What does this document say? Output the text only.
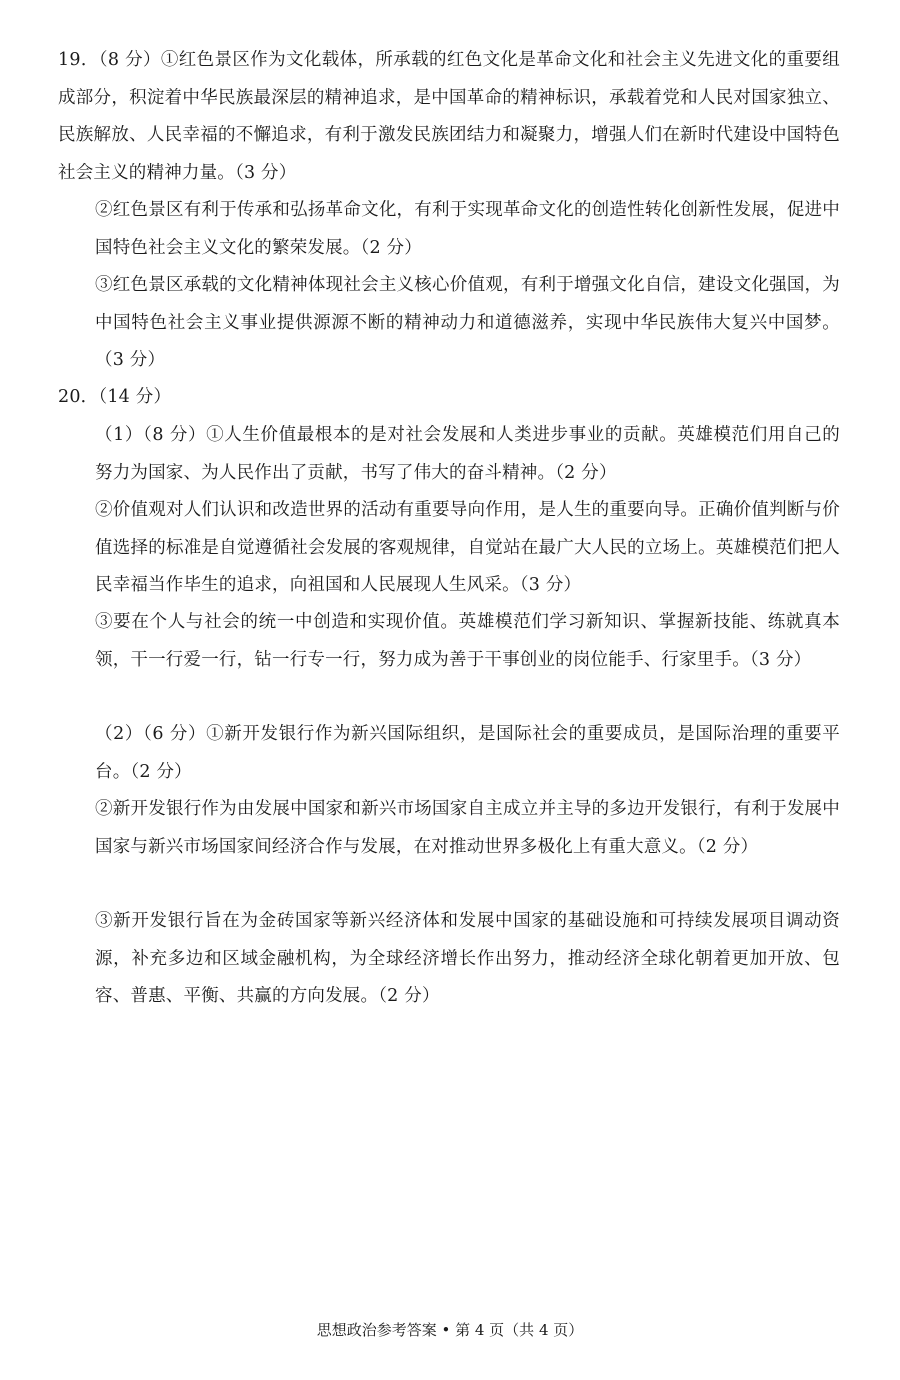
19．（8 分）①红色景区作为文化载体，所承载的红色文化是革命文化和社会主义先进文化的重要组成部分，积淀着中华民族最深层的精神追求，是中国革命的精神标识，承载着党和人民对国家独立、民族解放、人民幸福的不懈追求，有利于激发民族团结力和凝聚力，增强人们在新时代建设中国特色社会主义的精神力量。（3 分）

②红色景区有利于传承和弘扬革命文化，有利于实现革命文化的创造性转化创新性发展，促进中国特色社会主义文化的繁荣发展。（2 分）

③红色景区承载的文化精神体现社会主义核心价值观，有利于增强文化自信，建设文化强国，为中国特色社会主义事业提供源源不断的精神动力和道德滋养，实现中华民族伟大复兴中国梦。（3 分）

20．（14 分）

（1）（8 分）①人生价值最根本的是对社会发展和人类进步事业的贡献。英雄模范们用自己的努力为国家、为人民作出了贡献，书写了伟大的奋斗精神。（2 分）

②价值观对人们认识和改造世界的活动有重要导向作用，是人生的重要向导。正确价值判断与价值选择的标准是自觉遵循社会发展的客观规律，自觉站在最广大人民的立场上。英雄模范们把人民幸福当作毕生的追求，向祖国和人民展现人生风采。（3 分）

③要在个人与社会的统一中创造和实现价值。英雄模范们学习新知识、掌握新技能、练就真本领，干一行爱一行，钻一行专一行，努力成为善于干事创业的岗位能手、行家里手。（3 分）

（2）（6 分）①新开发银行作为新兴国际组织，是国际社会的重要成员，是国际治理的重要平台。（2 分）

②新开发银行作为由发展中国家和新兴市场国家自主成立并主导的多边开发银行，有利于发展中国家与新兴市场国家间经济合作与发展，在对推动世界多极化上有重大意义。（2 分）

③新开发银行旨在为金砖国家等新兴经济体和发展中国家的基础设施和可持续发展项目调动资源，补充多边和区域金融机构，为全球经济增长作出努力，推动经济全球化朝着更加开放、包容、普惠、平衡、共赢的方向发展。（2 分）

思想政治参考答案 • 第 4 页（共 4 页）
